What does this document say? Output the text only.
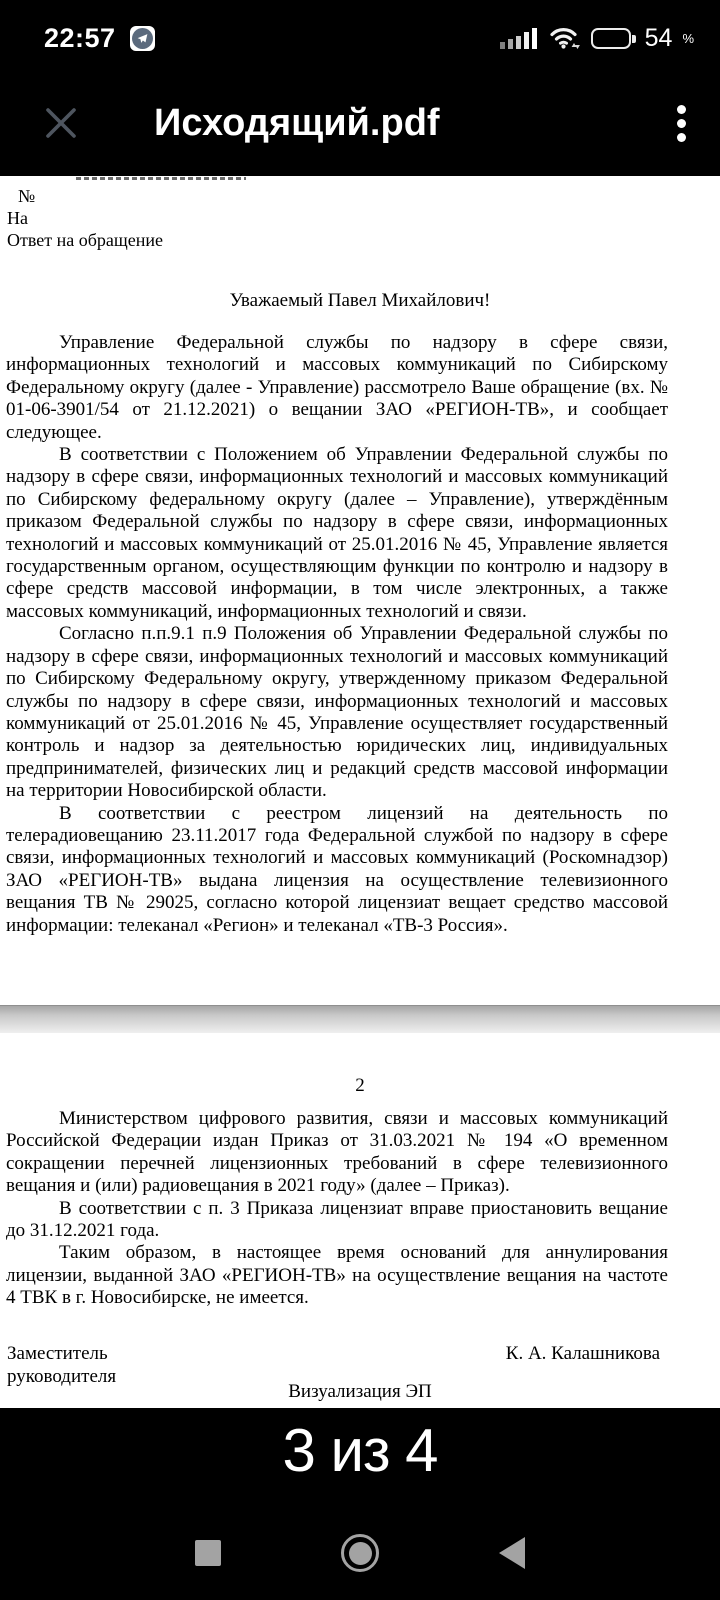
22:57	54 %
Исходящий.pdf
№
На
Ответ на обращение
Уважаемый Павел Михайлович!

Управление Федеральной службы по надзору в сфере связи, информационных технологий и массовых коммуникаций по Сибирскому Федеральному округу (далее - Управление) рассмотрело Ваше обращение (вх. № 01-06-3901/54 от 21.12.2021) о вещании ЗАО «РЕГИОН-ТВ», и сообщает следующее.

В соответствии с Положением об Управлении Федеральной службы по надзору в сфере связи, информационных технологий и массовых коммуникаций по Сибирскому федеральному округу (далее – Управление), утверждённым приказом Федеральной службы по надзору в сфере связи, информационных технологий и массовых коммуникаций от 25.01.2016 № 45, Управление является государственным органом, осуществляющим функции по контролю и надзору в сфере средств массовой информации, в том числе электронных, а также массовых коммуникаций, информационных технологий и связи.

Согласно п.п.9.1 п.9 Положения об Управлении Федеральной службы по надзору в сфере связи, информационных технологий и массовых коммуникаций по Сибирскому Федеральному округу, утвержденному приказом Федеральной службы по надзору в сфере связи, информационных технологий и массовых коммуникаций от 25.01.2016 № 45, Управление осуществляет государственный контроль и надзор за деятельностью юридических лиц, индивидуальных предпринимателей, физических лиц и редакций средств массовой информации на территории Новосибирской области.

В соответствии с реестром лицензий на деятельность по телерадиовещанию 23.11.2017 года Федеральной службой по надзору в сфере связи, информационных технологий и массовых коммуникаций (Роскомнадзор) ЗАО «РЕГИОН-ТВ» выдана лицензия на осуществление телевизионного вещания ТВ № 29025, согласно которой лицензиат вещает средство массовой информации: телеканал «Регион» и телеканал «ТВ-3 Россия».

2

Министерством цифрового развития, связи и массовых коммуникаций Российской Федерации издан Приказ от 31.03.2021 № 194 «О временном сокращении перечней лицензионных требований в сфере телевизионного вещания и (или) радиовещания в 2021 году» (далее – Приказ).

В соответствии с п. 3 Приказа лицензиат вправе приостановить вещание до 31.12.2021 года.

Таким образом, в настоящее время оснований для аннулирования лицензии, выданной ЗАО «РЕГИОН-ТВ» на осуществление вещания на частоте 4 ТВК в г. Новосибирске, не имеется.

Заместитель руководителя
К. А. Калашникова
Визуализация ЭП
3 из 4
